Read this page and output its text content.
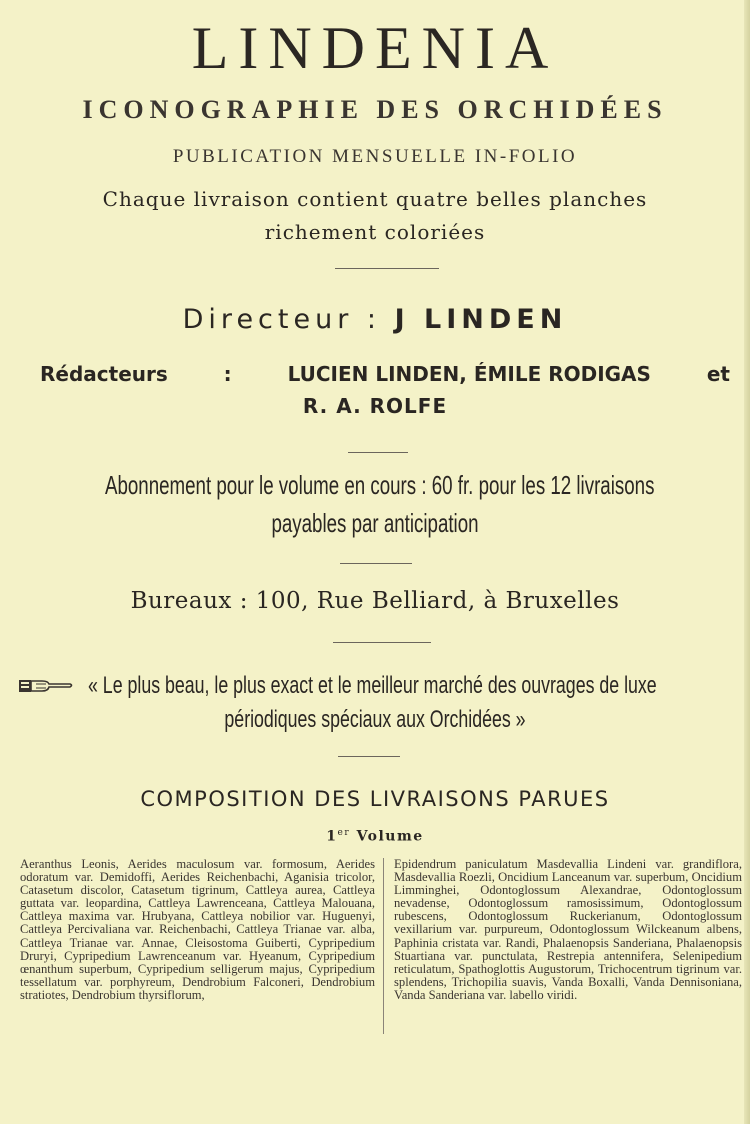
LINDENIA
ICONOGRAPHIE DES ORCHIDÉES
PUBLICATION MENSUELLE IN-FOLIO
Chaque livraison contient quatre belles planches
richement coloriées
Directeur : J LINDEN
Rédacteurs	:	LUCIEN LINDEN, ÉMILE RODIGAS	et
R. A. ROLFE
Abonnement pour le volume en cours : 60 fr. pour les 12 livraisons
payables par anticipation
Bureaux : 100, Rue Belliard, à Bruxelles
« Le plus beau, le plus exact et le meilleur marché des ouvrages de luxe
périodiques spéciaux aux Orchidées »
COMPOSITION DES LIVRAISONS PARUES
1er Volume
Aeranthus Leonis, Aerides maculosum var. formosum, Aerides odoratum var. Demidoffi, Aerides Reichenbachi, Aganisia tricolor, Catasetum discolor, Catasetum tigrinum, Cattleya aurea, Cattleya guttata var. leopardina, Cattleya Lawrenceana, Cattleya Malouana, Cattleya maxima var. Hrubyana, Cattleya nobilior var. Huguenyi, Cattleya Percivaliana var. Reichenbachi, Cattleya Trianae var. alba, Cattleya Trianae var. Annae, Cleisostoma Guiberti, Cypripedium Druryi, Cypripedium Lawrenceanum var. Hyeanum, Cypripedium œnanthum superbum, Cypripedium selligerum majus, Cypripedium tessellatum var. porphyreum, Dendrobium Falconeri, Dendrobium stratiotes, Dendrobium thyrsiflorum,
Epidendrum paniculatum Masdevallia Lindeni var. grandiflora, Masdevallia Roezli, Oncidium Lanceanum var. superbum, Oncidium Limminghei, Odontoglossum Alexandrae, Odontoglossum nevadense, Odontoglossum ramosissimum, Odontoglossum rubescens, Odontoglossum Ruckerianum, Odontoglossum vexillarium var. purpureum, Odontoglossum Wilckeanum albens, Paphinia cristata var. Randi, Phalaenopsis Sanderiana, Phalaenopsis Stuartiana var. punctulata, Restrepia antennifera, Selenipedium reticulatum, Spathoglottis Augustorum, Trichocentrum tigrinum var. splendens, Trichopilia suavis, Vanda Boxalli, Vanda Dennisoniana, Vanda Sanderiana var. labello viridi.
